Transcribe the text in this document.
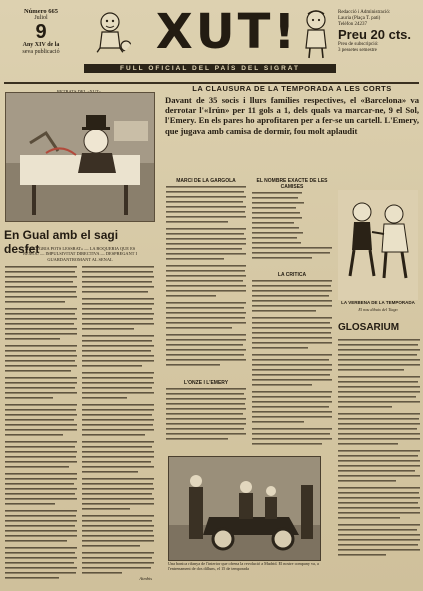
Número 665
Juliol
9
Any XIV de la
seva publicació	XUT!	Redacció i Administració:
Lauria (Plaça T. pati)
Telèfon 24237
Preu 20 cts.
Preu de subscripció:
3 pessetes semestre
FULL OFICIAL DEL PAÍS DEL SIGRAT
En Gual amb el sagi desfet
«L'ALEGRIA POTS LESSRAT» — LA BOQUERIA QUE ES
REMOU — IMPULSIVITAT DIRECTIVA — DESPREGANT I
GUARDANTROMANT AL SENAL
Aimbis
LA CLAUSURA DE LA TEMPORADA A LES CORTS
Davant de 35 socis i llurs famílies respectives, el «Barcelona» va derrotar l'«Irún» per 11 gols a 1, dels quals va marcar-ne, 9 el Sol, l'Emery. En els pares ho aprofitaren per a fer-se un cartell. L'Emery, que jugava amb camisa de dormir, fou molt aplaudit
MARCI DE LA GARGOLA	EL NOMBRE EXACTE DE LES CAMISES
LA CRITICA
L'ONZE I L'EMERY
LA VERBENA DE LA TEMPORADA
El nou dibuix del Tiago
GLOSARIUM
Una bonica rifanya de l'interior que ofrena la revolució a Madrid. El nostre company va, a l'entrenament de dos dilluns, el 15 de temporada
